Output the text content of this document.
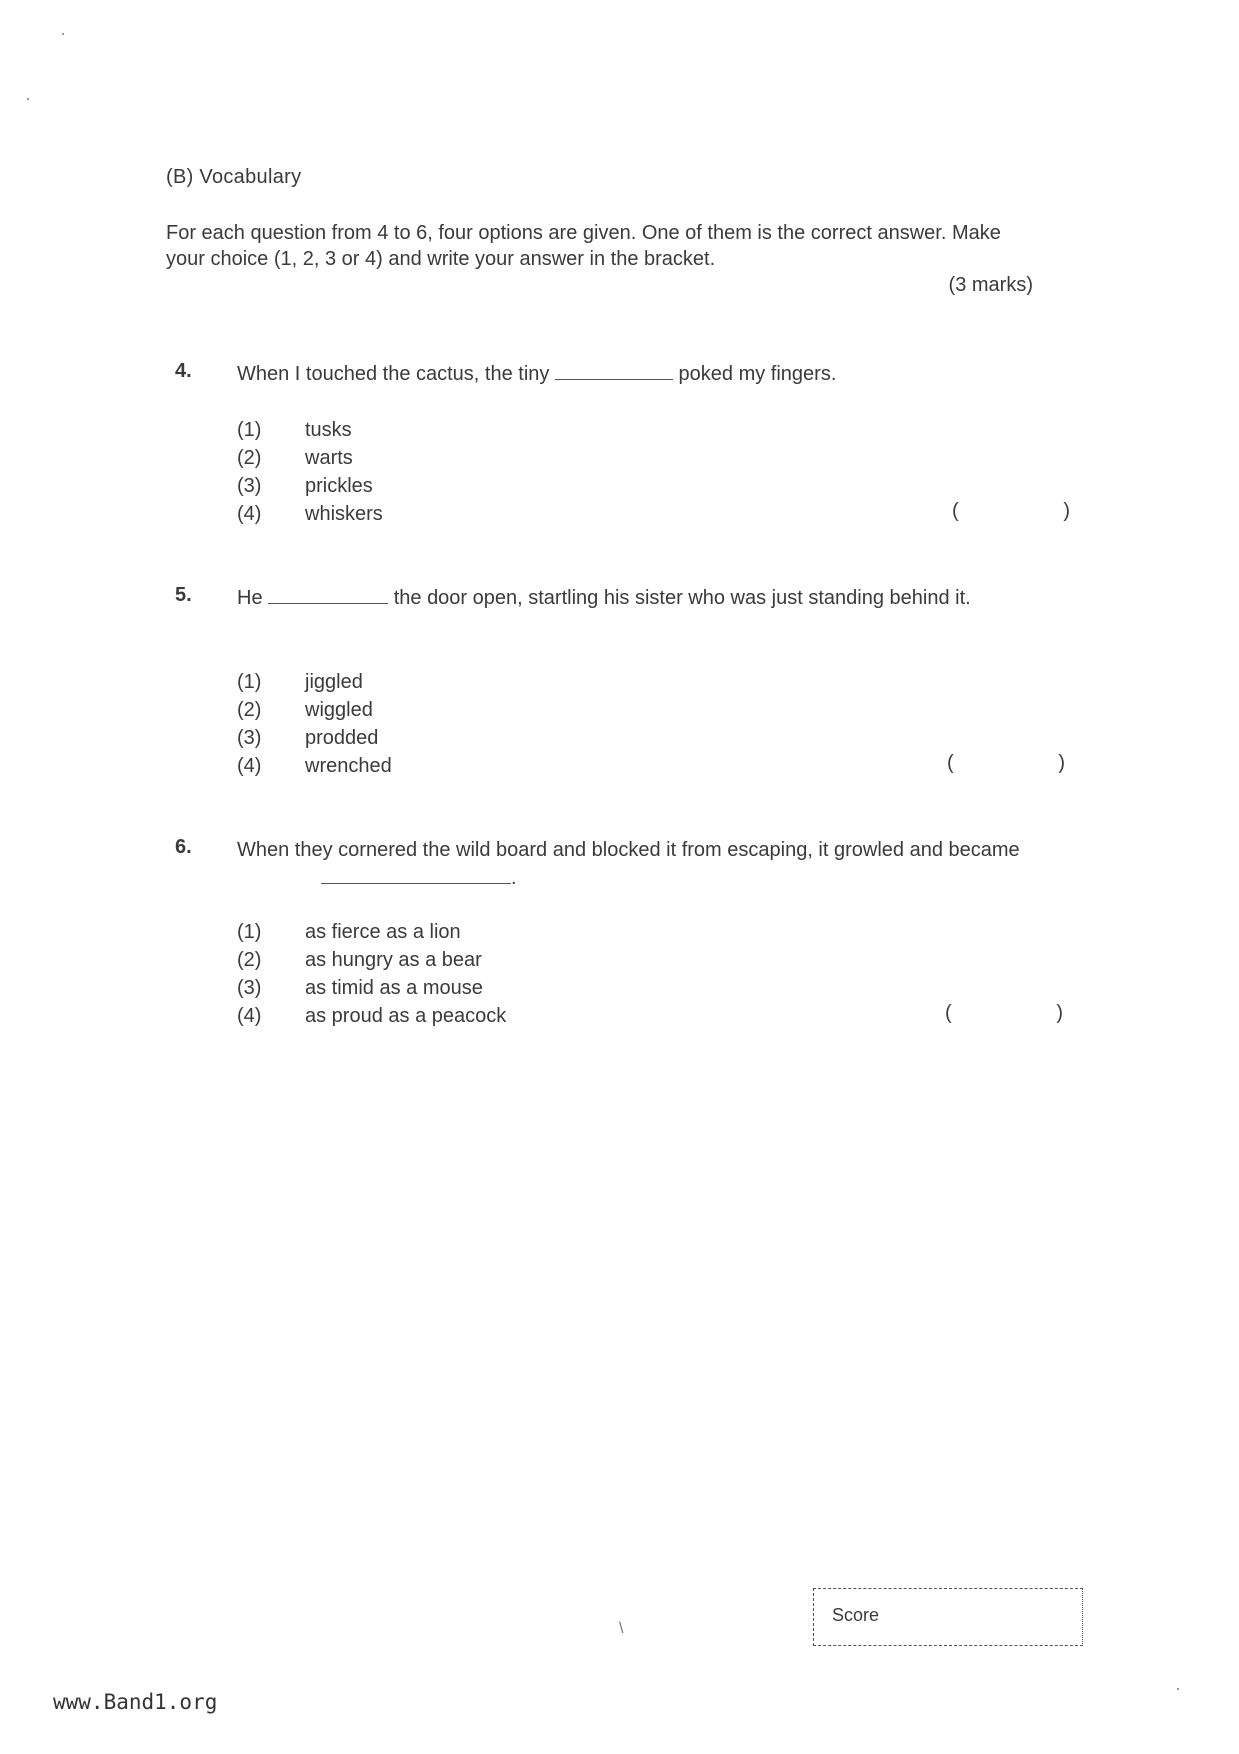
(B) Vocabulary
For each question from 4 to 6, four options are given. One of them is the correct answer. Make your choice (1, 2, 3 or 4) and write your answer in the bracket.
(3 marks)
4. When I touched the cactus, the tiny	poked my fingers.
(1) tusks
(2) warts
(3) prickles
(4) whiskers	(	)
5. He	the door open, startling his sister who was just standing behind it.
(1) jiggled
(2) wiggled
(3) prodded
(4) wrenched	(	)
6. When they cornered the wild board and blocked it from escaping, it growled and became .
(1) as fierce as a lion
(2) as hungry as a bear
(3) as timid as a mouse
(4) as proud as a peacock	(	)
\
Score
www.Band1.org
